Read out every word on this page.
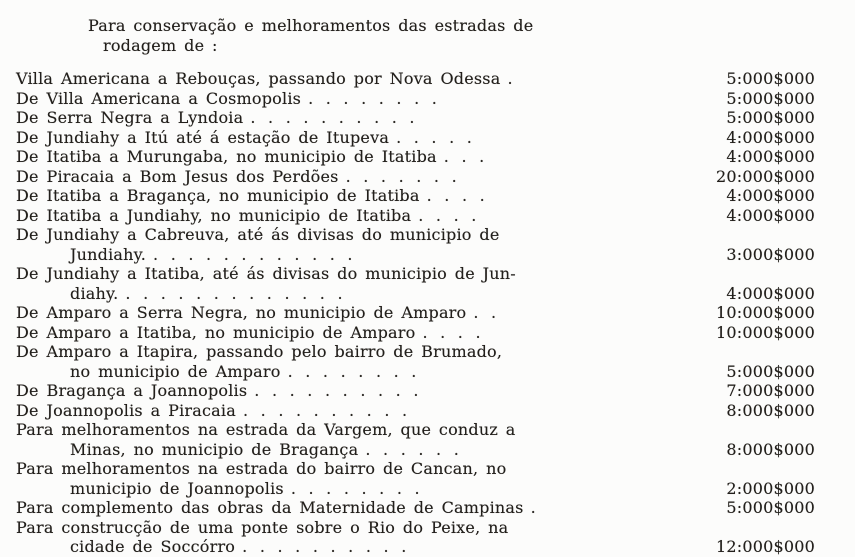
Para conservação e melhoramentos das estradas de
rodagem de :
Villa Americana a Rebouças, passando por Nova Odessa .	5:000$000
De Villa Americana a Cosmopolis . . . . . . . .	5:000$000
De Serra Negra a Lyndoia . . . . . . . . . .	5:000$000
De Jundiahy a Itú até á estação de Itupeva . . . . .	4:000$000
De Itatiba a Murungaba, no municipio de Itatiba . . .	4:000$000
De Piracaia a Bom Jesus dos Perdões . . . . . . .	20:000$000
De Itatiba a Bragança, no municipio de Itatiba . . . .	4:000$000
De Itatiba a Jundiahy, no municipio de Itatiba . . . .	4:000$000
De Jundiahy a Cabreuva, até ás divisas do municipio de
Jundiahy. . . . . . . . . . . . .	3:000$000
De Jundiahy a Itatiba, até ás divisas do municipio de Jun-
diahy. . . . . . . . . . . . . .	4:000$000
De Amparo a Serra Negra, no municipio de Amparo . .	10:000$000
De Amparo a Itatiba, no municipio de Amparo . . . .	10:000$000
De Amparo a Itapira, passando pelo bairro de Brumado,
no municipio de Amparo . . . . . . . .	5:000$000
De Bragança a Joannopolis . . . . . . . . . .	7:000$000
De Joannopolis a Piracaia . . . . . . . . . .	8:000$000
Para melhoramentos na estrada da Vargem, que conduz a
Minas, no municipio de Bragança . . . . . .	8:000$000
Para melhoramentos na estrada do bairro de Cancan, no
municipio de Joannopolis . . . . . . . .	2:000$000
Para complemento das obras da Maternidade de Campinas .	5:000$000
Para construcção de uma ponte sobre o Rio do Peixe, na
cidade de Soccórro . . . . . . . . . .	12:000$000
